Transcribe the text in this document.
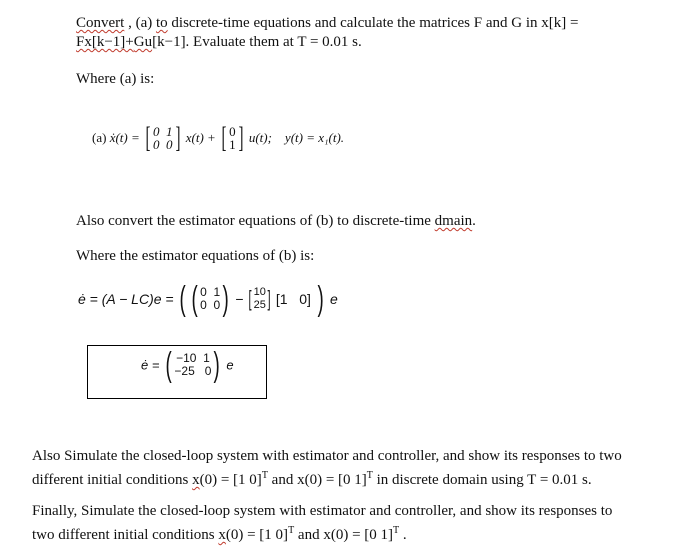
Convert , (a) to discrete-time equations and calculate the matrices F and G in x[k] =
Fx[k−1]+Gu[k−1]. Evaluate them at T = 0.01 s.
Where (a) is:
(a) ẋ(t) = [ 0 1
0 0 ] x(t) + [ 0
1 ] u(t); y(t) = x₁(t).
Also convert the estimator equations of (b) to discrete-time dmain.
Where the estimator equations of (b) is:
ė = (A − LC)e = ( ( 0 1
0 0 ) − [ 10
25 ] [1   0] ) e
ė = ( −10 1
−25 0 ) e
Also Simulate the closed-loop system with estimator and controller, and show its responses to two
different initial conditions x(0) = [1 0]$^T$ and x(0) = [0 1]$^T$ in discrete domain using T = 0.01 s.
Finally, Simulate the closed-loop system with estimator and controller, and show its responses to
two different initial conditions x(0) = [1 0]$^T$ and x(0) = [0 1]$^T$ .
